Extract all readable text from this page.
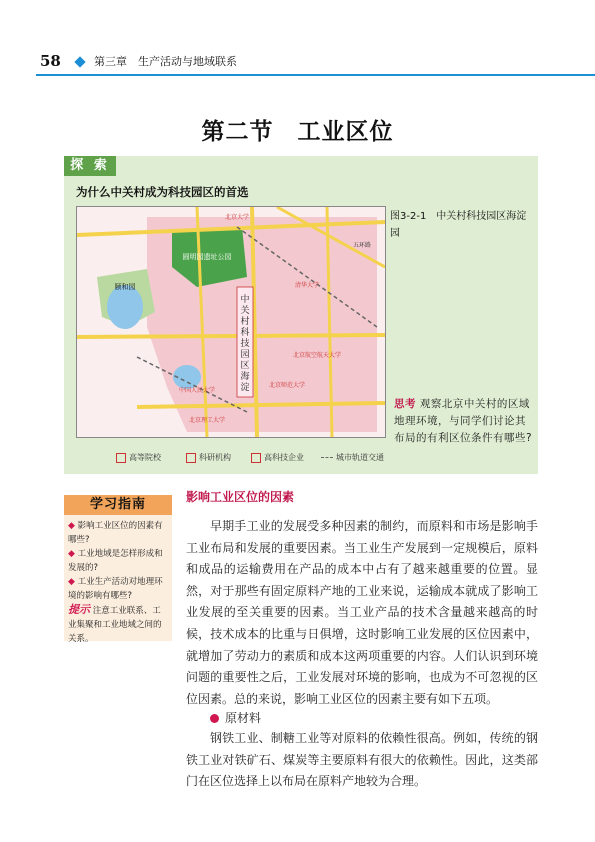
58	第三章　生产活动与地域联系
第二节　工业区位
探 索
为什么中关村成为科技园区的首选
中关村科技园区海淀
圆明园遗址公园
颐和园
北京大学
清华大学
中国人民大学
北京航空航天大学
北京师范大学
北京理工大学
五环路
图3-2-1　中关村科技园区海淀园
思考 观察北京中关村的区域地理环境，与同学们讨论其布局的有利区位条件有哪些?
高等院校	科研机构	高科技企业	城市轨道交通
学习指南
◆ 影响工业区位的因素有哪些?
◆ 工业地域是怎样形成和发展的?
◆ 工业生产活动对地理环境的影响有哪些?
提示 注意工业联系、工业集聚和工业地域之间的关系。
影响工业区位的因素
早期手工业的发展受多种因素的制约，而原料和市场是影响手工业布局和发展的重要因素。当工业生产发展到一定规模后，原料和成品的运输费用在产品的成本中占有了越来越重要的位置。显然，对于那些有固定原料产地的工业来说，运输成本就成了影响工业发展的至关重要的因素。当工业产品的技术含量越来越高的时候，技术成本的比重与日俱增，这时影响工业发展的区位因素中，就增加了劳动力的素质和成本这两项重要的内容。人们认识到环境问题的重要性之后，工业发展对环境的影响，也成为不可忽视的区位因素。总的来说，影响工业区位的因素主要有如下五项。
原材料
钢铁工业、制糖工业等对原料的依赖性很高。例如，传统的钢铁工业对铁矿石、煤炭等主要原料有很大的依赖性。因此，这类部门在区位选择上以布局在原料产地较为合理。
